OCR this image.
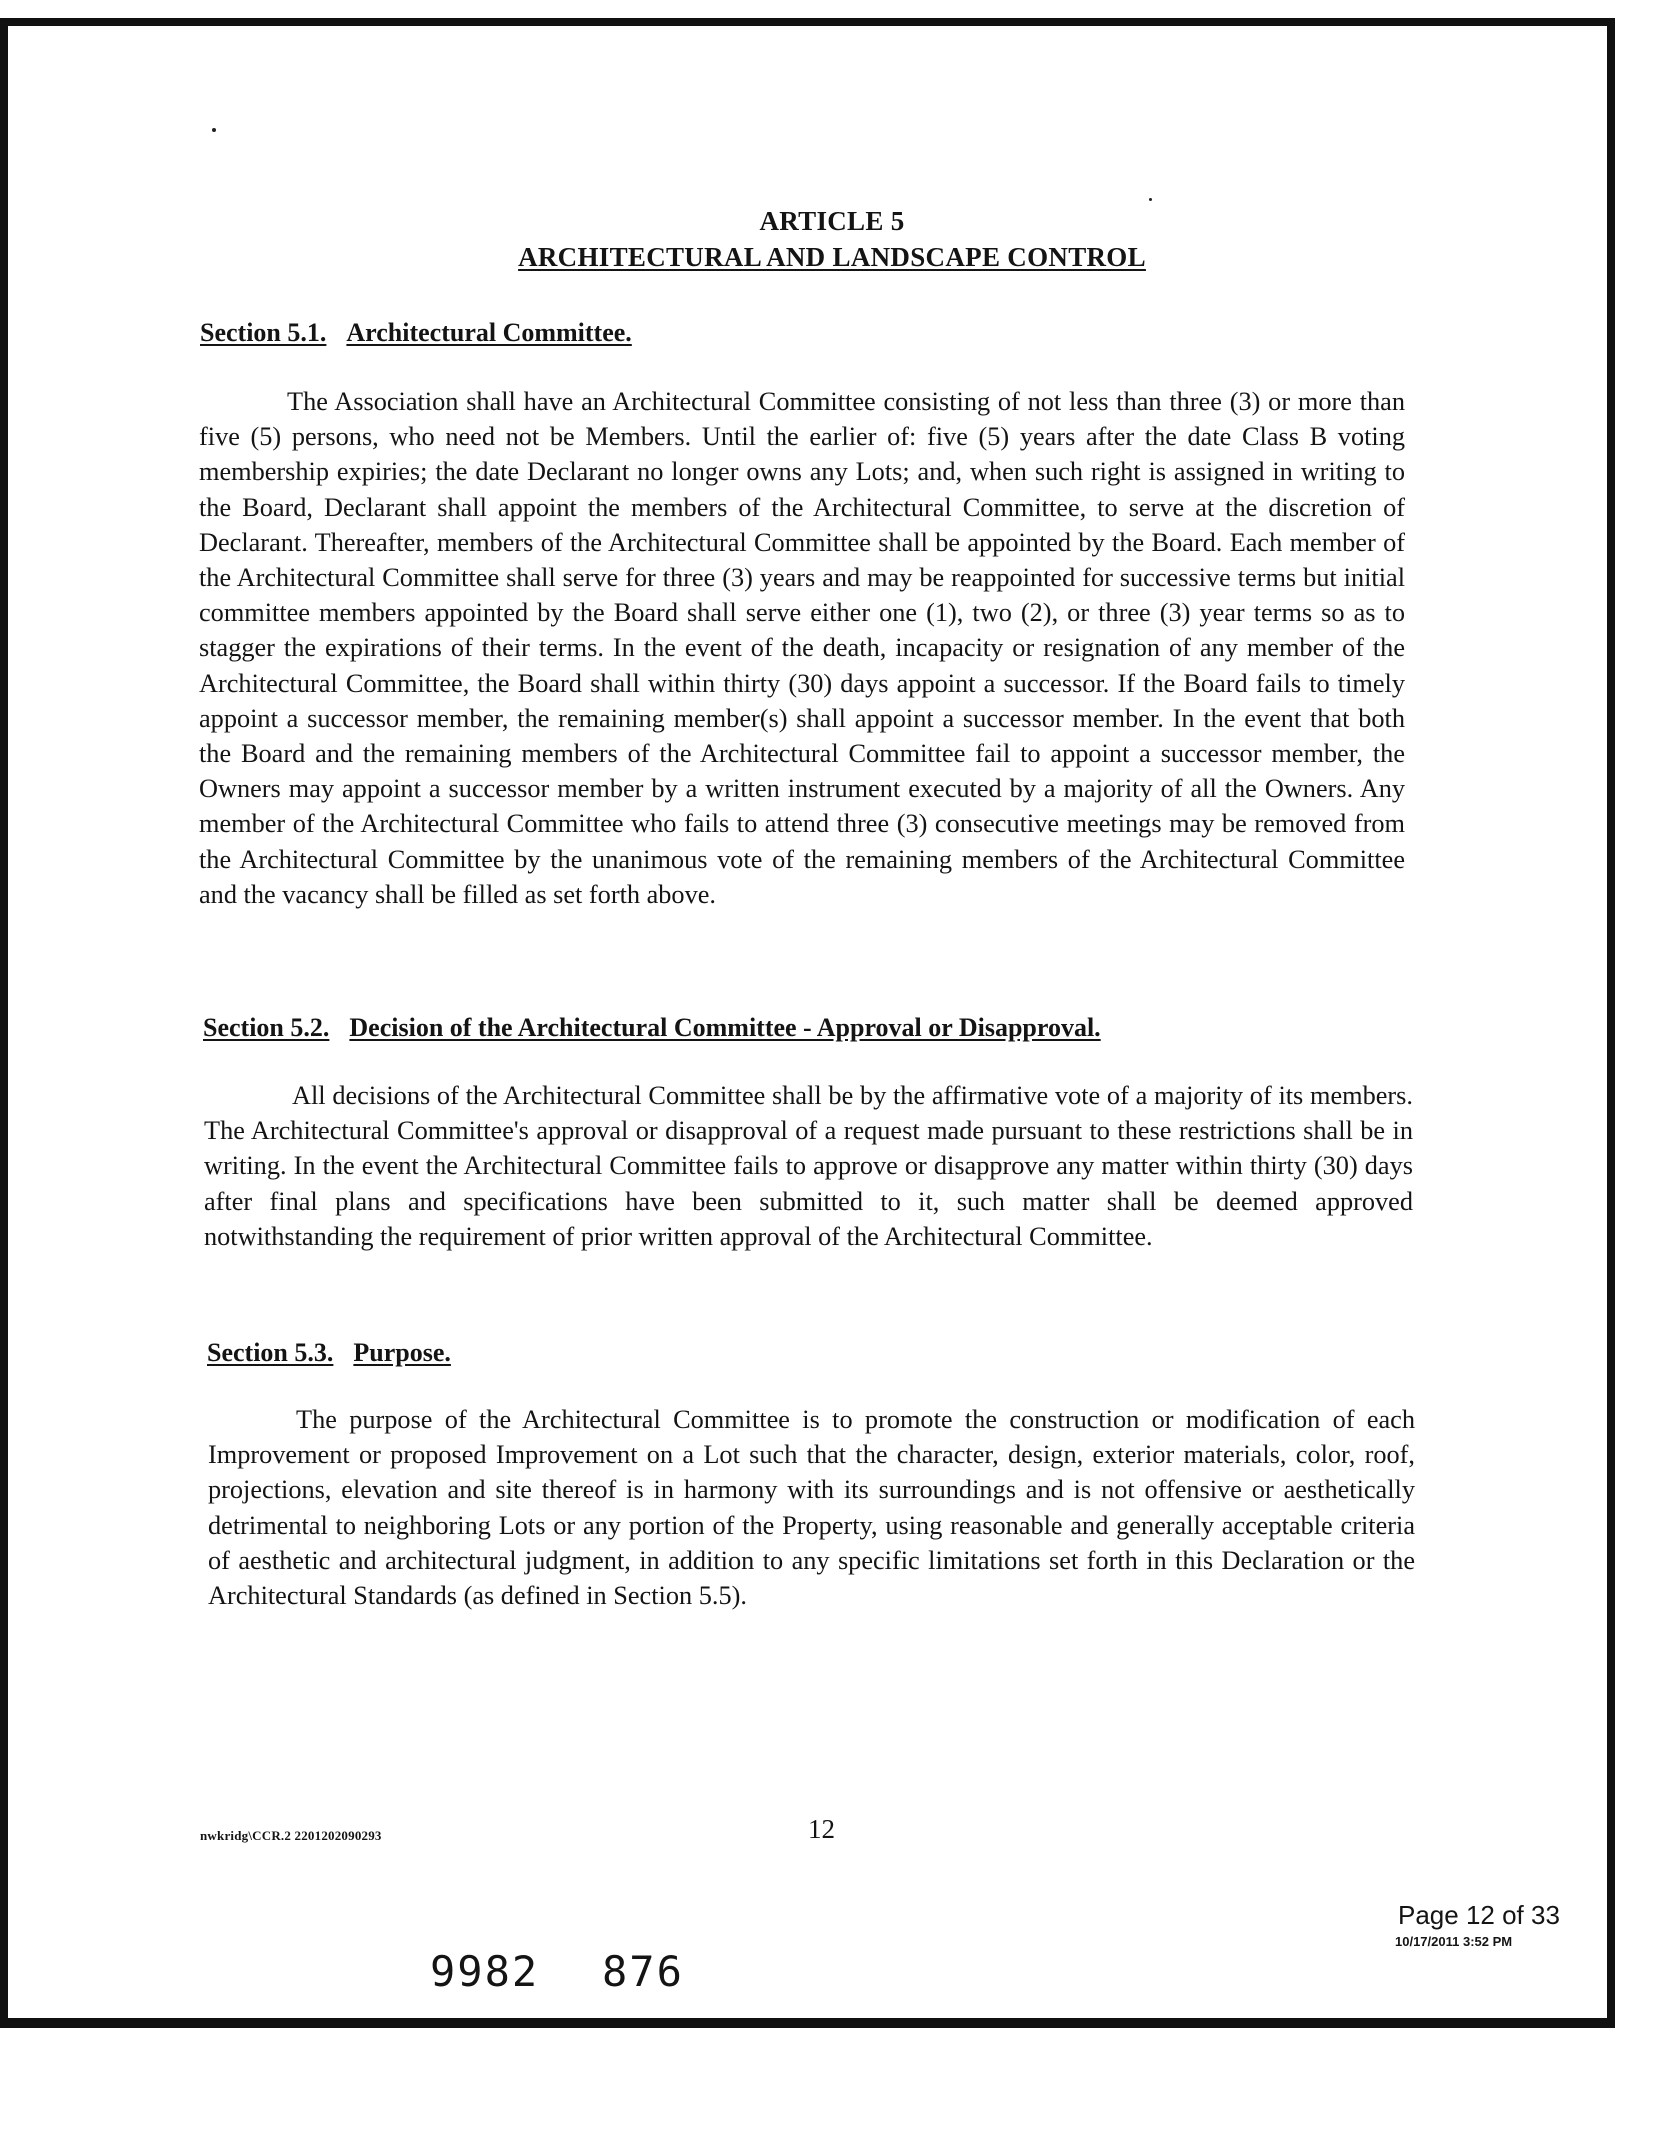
ARTICLE 5
ARCHITECTURAL AND LANDSCAPE CONTROL
Section 5.1. Architectural Committee.

The Association shall have an Architectural Committee consisting of not less than three (3) or more than five (5) persons, who need not be Members. Until the earlier of: five (5) years after the date Class B voting membership expiries; the date Declarant no longer owns any Lots; and, when such right is assigned in writing to the Board, Declarant shall appoint the members of the Architectural Committee, to serve at the discretion of Declarant. Thereafter, members of the Architectural Committee shall be appointed by the Board. Each member of the Architectural Committee shall serve for three (3) years and may be reappointed for successive terms but initial committee members appointed by the Board shall serve either one (1), two (2), or three (3) year terms so as to stagger the expirations of their terms. In the event of the death, incapacity or resignation of any member of the Architectural Committee, the Board shall within thirty (30) days appoint a successor. If the Board fails to timely appoint a successor member, the remaining member(s) shall appoint a successor member. In the event that both the Board and the remaining members of the Architectural Committee fail to appoint a successor member, the Owners may appoint a successor member by a written instrument executed by a majority of all the Owners. Any member of the Architectural Committee who fails to attend three (3) consecutive meetings may be removed from the Architectural Committee by the unanimous vote of the remaining members of the Architectural Committee and the vacancy shall be filled as set forth above.

Section 5.2. Decision of the Architectural Committee - Approval or Disapproval.

All decisions of the Architectural Committee shall be by the affirmative vote of a majority of its members. The Architectural Committee's approval or disapproval of a request made pursuant to these restrictions shall be in writing. In the event the Architectural Committee fails to approve or disapprove any matter within thirty (30) days after final plans and specifications have been submitted to it, such matter shall be deemed approved notwithstanding the requirement of prior written approval of the Architectural Committee.

Section 5.3. Purpose.

The purpose of the Architectural Committee is to promote the construction or modification of each Improvement or proposed Improvement on a Lot such that the character, design, exterior materials, color, roof, projections, elevation and site thereof is in harmony with its surroundings and is not offensive or aesthetically detrimental to neighboring Lots or any portion of the Property, using reasonable and generally acceptable criteria of aesthetic and architectural judgment, in addition to any specific limitations set forth in this Declaration or the Architectural Standards (as defined in Section 5.5).

nwkridg\CCR.2 2201202090293	12
Page 12 of 33
10/17/2011 3:52 PM
9982 876
